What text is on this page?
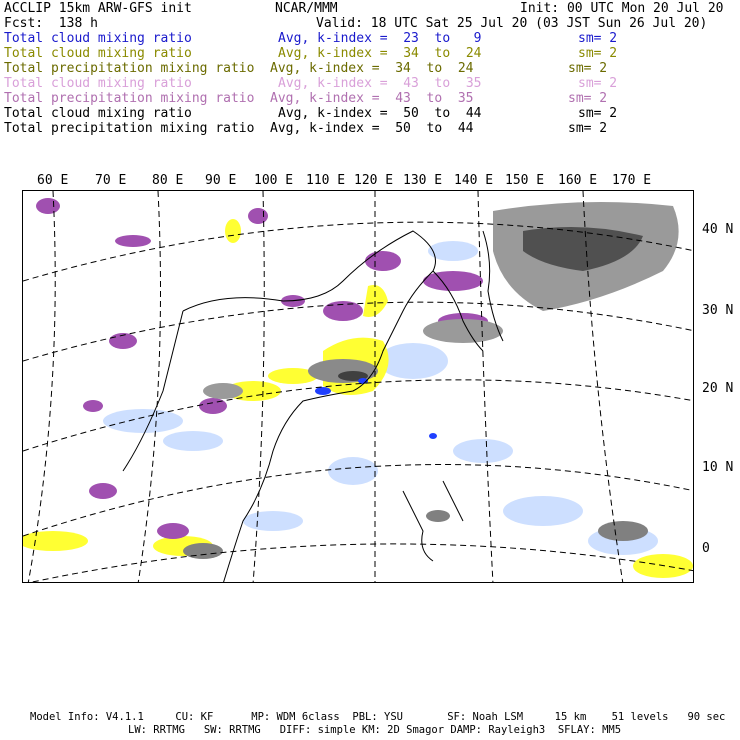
ACCLIP 15km ARW-GFS init	NCAR/MMM	Init: 00 UTC Mon 20 Jul 20
Fcst:  138 h	Valid: 18 UTC Sat 25 Jul 20 (03 JST Sun 26 Jul 20)
Total cloud mixing ratio	Avg, k-index =  23  to   9	sm= 2
Total cloud mixing ratio	Avg, k-index =  34  to  24	sm= 2
Total precipitation mixing ratio Avg, k-index =  34  to  24	sm= 2
Total cloud mixing ratio	Avg, k-index =  43  to  35	sm= 2
Total precipitation mixing ratio Avg, k-index =  43  to  35	sm= 2
Total cloud mixing ratio	Avg, k-index =  50  to  44	sm= 2
Total precipitation mixing ratio Avg, k-index =  50  to  44	sm= 2
60 E 70 E 80 E 90 E 100 E 110 E 120 E 130 E 140 E 150 E 160 E 170 E
40 N
30 N
20 N
10 N
0
Model Info: V4.1.1     CU: KF      MP: WDM 6class  PBL: YSU       SF: Noah LSM     15 km    51 levels   90 sec
LW: RRTMG   SW: RRTMG   DIFF: simple KM: 2D Smagor DAMP: Rayleigh3  SFLAY: MM5
